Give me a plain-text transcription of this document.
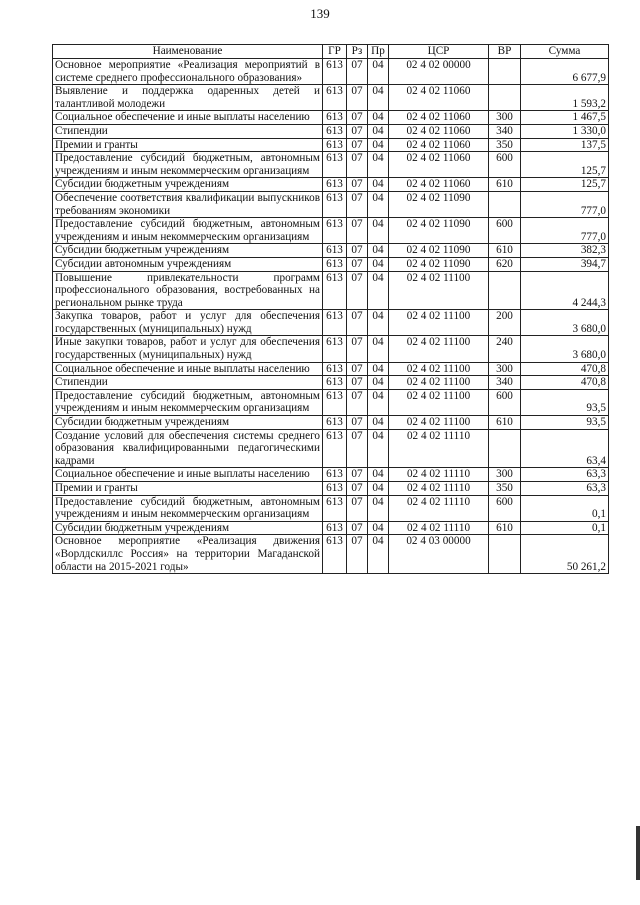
139
Наименование	ГР	Рз	Пр	ЦСР	ВР	Сумма
Основное мероприятие «Реализация мероприятий в системе среднего профессионального образования»	613	07	04	02 4 02 00000		6 677,9
Выявление и поддержка одаренных детей и талантливой молодежи	613	07	04	02 4 02 11060		1 593,2
Социальное обеспечение и иные выплаты населению	613	07	04	02 4 02 11060	300	1 467,5
Стипендии	613	07	04	02 4 02 11060	340	1 330,0
Премии и гранты	613	07	04	02 4 02 11060	350	137,5
Предоставление субсидий бюджетным, автономным учреждениям и иным некоммерческим организациям	613	07	04	02 4 02 11060	600	125,7
Субсидии бюджетным учреждениям	613	07	04	02 4 02 11060	610	125,7
Обеспечение соответствия квалификации выпускников требованиям экономики	613	07	04	02 4 02 11090		777,0
Предоставление субсидий бюджетным, автономным учреждениям и иным некоммерческим организациям	613	07	04	02 4 02 11090	600	777,0
Субсидии бюджетным учреждениям	613	07	04	02 4 02 11090	610	382,3
Субсидии автономным учреждениям	613	07	04	02 4 02 11090	620	394,7
Повышение привлекательности программ профессионального образования, востребованных на региональном рынке труда	613	07	04	02 4 02 11100		4 244,3
Закупка товаров, работ и услуг для обеспечения государственных (муниципальных) нужд	613	07	04	02 4 02 11100	200	3 680,0
Иные закупки товаров, работ и услуг для обеспечения государственных (муниципальных) нужд	613	07	04	02 4 02 11100	240	3 680,0
Социальное обеспечение и иные выплаты населению	613	07	04	02 4 02 11100	300	470,8
Стипендии	613	07	04	02 4 02 11100	340	470,8
Предоставление субсидий бюджетным, автономным учреждениям и иным некоммерческим организациям	613	07	04	02 4 02 11100	600	93,5
Субсидии бюджетным учреждениям	613	07	04	02 4 02 11100	610	93,5
Создание условий для обеспечения системы среднего образования квалифицированными педагогическими кадрами	613	07	04	02 4 02 11110		63,4
Социальное обеспечение и иные выплаты населению	613	07	04	02 4 02 11110	300	63,3
Премии и гранты	613	07	04	02 4 02 11110	350	63,3
Предоставление субсидий бюджетным, автономным учреждениям и иным некоммерческим организациям	613	07	04	02 4 02 11110	600	0,1
Субсидии бюджетным учреждениям	613	07	04	02 4 02 11110	610	0,1
Основное мероприятие «Реализация движения «Ворлдскиллс Россия» на территории Магаданской области на 2015-2021 годы»	613	07	04	02 4 03 00000		50 261,2
